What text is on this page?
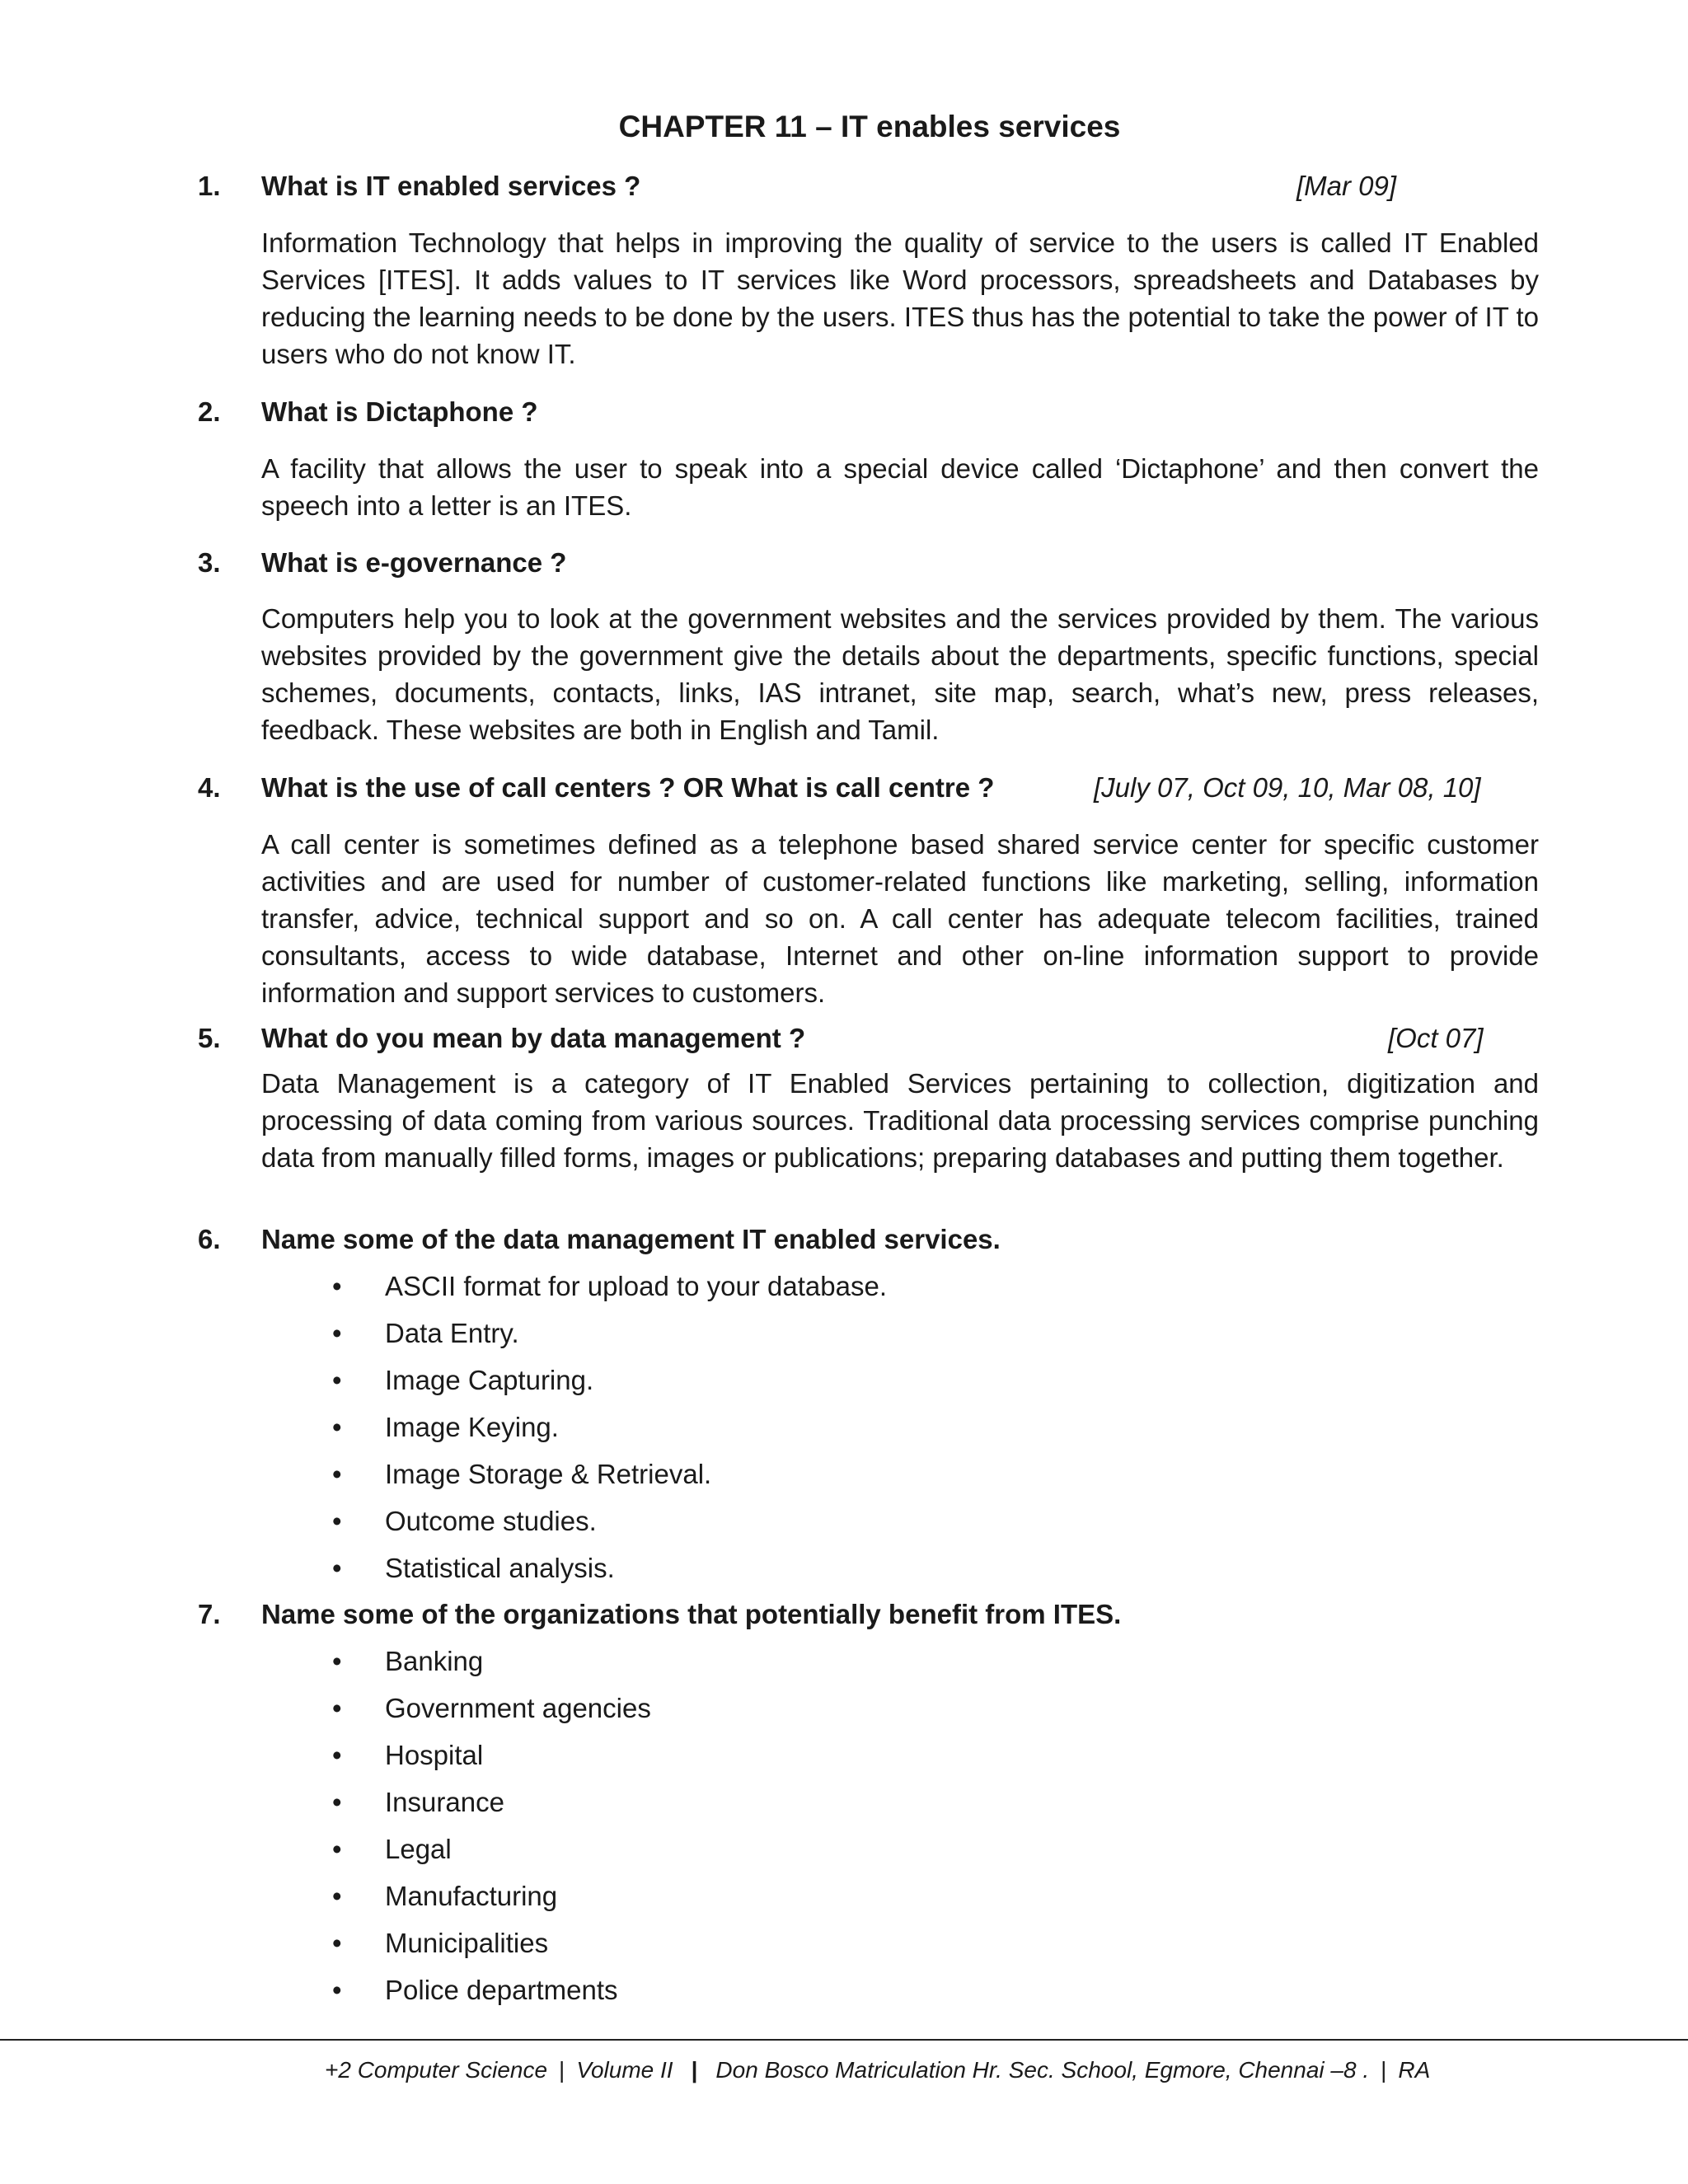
CHAPTER 11 – IT enables services
1. What is IT enabled services ?	[Mar 09]

Information Technology that helps in improving the quality of service to the users is called IT Enabled Services [ITES]. It adds values to IT services like Word processors, spreadsheets and Databases by reducing the learning needs to be done by the users. ITES thus has the potential to take the power of IT to users who do not know IT.

2. What is Dictaphone ?

A facility that allows the user to speak into a special device called ‘Dictaphone’ and then convert the speech into a letter is an ITES.

3. What is e-governance ?

Computers help you to look at the government websites and the services provided by them. The various websites provided by the government give the details about the departments, specific functions, special schemes, documents, contacts, links, IAS intranet, site map, search, what’s new, press releases, feedback. These websites are both in English and Tamil.

4. What is the use of call centers ? OR What is call centre ?	[July 07, Oct 09, 10, Mar 08, 10]

A call center is sometimes defined as a telephone based shared service center for specific customer activities and are used for number of customer-related functions like marketing, selling, information transfer, advice, technical support and so on. A call center has adequate telecom facilities, trained consultants, access to wide database, Internet and other on-line information support to provide information and support services to customers.

5. What do you mean by data management ?	[Oct 07]

Data Management is a category of IT Enabled Services pertaining to collection, digitization and processing of data coming from various sources. Traditional data processing services comprise punching data from manually filled forms, images or publications; preparing databases and putting them together.

6. Name some of the data management IT enabled services.
• ASCII format for upload to your database.
• Data Entry.
• Image Capturing.
• Image Keying.
• Image Storage & Retrieval.
• Outcome studies.
• Statistical analysis.
7. Name some of the organizations that potentially benefit from ITES.
• Banking
• Government agencies
• Hospital
• Insurance
• Legal
• Manufacturing
• Municipalities
• Police departments
+2 Computer Science | Volume II | Don Bosco Matriculation Hr. Sec. School, Egmore, Chennai –8 . | RA
